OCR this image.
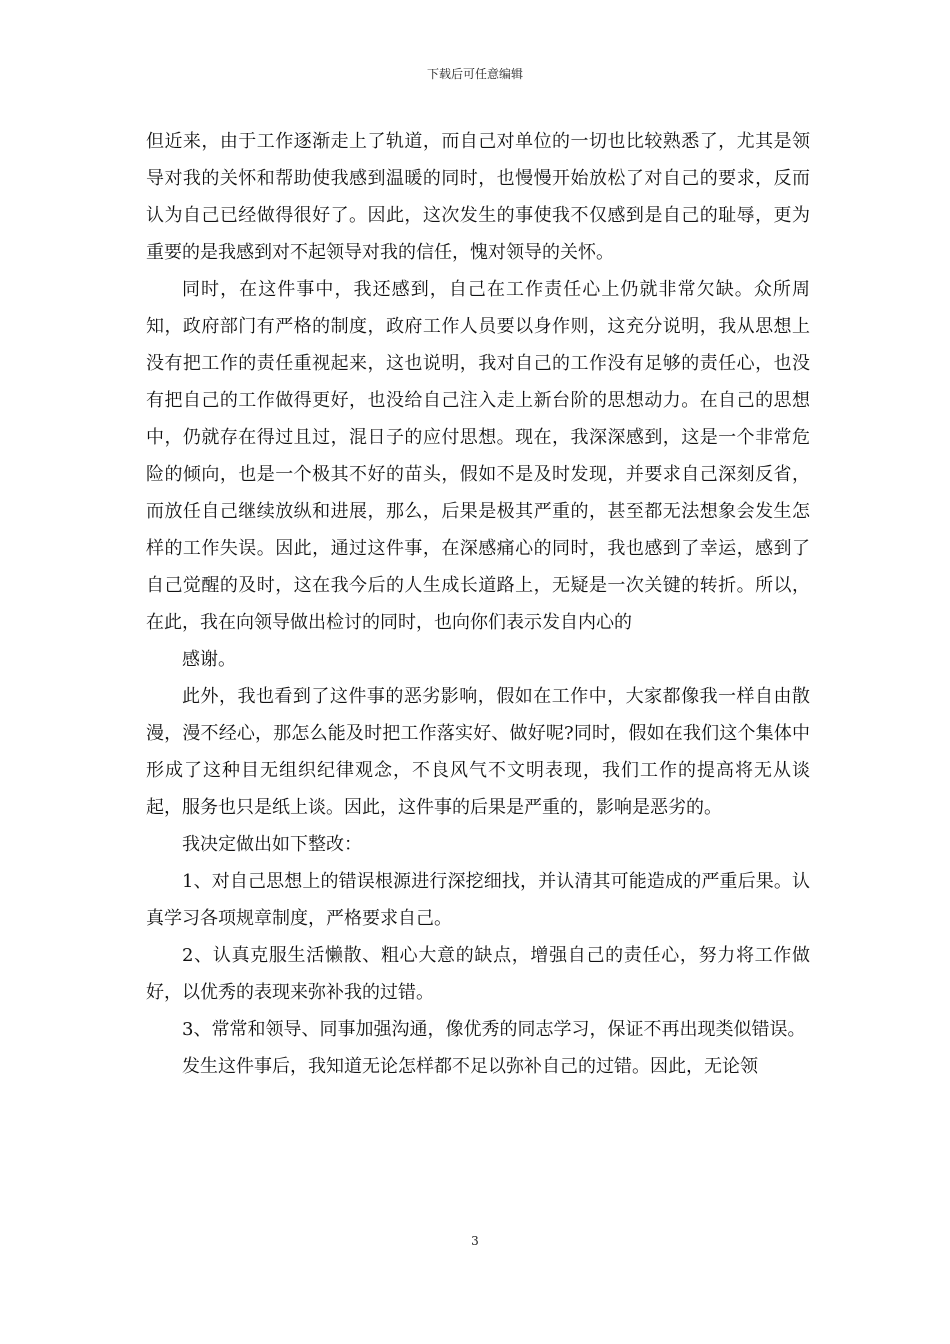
下载后可任意编辑

但近来，由于工作逐渐走上了轨道，而自己对单位的一切也比较熟悉了，尤其是领导对我的关怀和帮助使我感到温暖的同时，也慢慢开始放松了对自己的要求，反而认为自己已经做得很好了。因此，这次发生的事使我不仅感到是自己的耻辱，更为重要的是我感到对不起领导对我的信任，愧对领导的关怀。

同时，在这件事中，我还感到，自己在工作责任心上仍就非常欠缺。众所周知，政府部门有严格的制度，政府工作人员要以身作则，这充分说明，我从思想上没有把工作的责任重视起来，这也说明，我对自己的工作没有足够的责任心，也没有把自己的工作做得更好，也没给自己注入走上新台阶的思想动力。在自己的思想中，仍就存在得过且过，混日子的应付思想。现在，我深深感到，这是一个非常危险的倾向，也是一个极其不好的苗头，假如不是及时发现，并要求自己深刻反省，而放任自己继续放纵和进展，那么，后果是极其严重的，甚至都无法想象会发生怎样的工作失误。因此，通过这件事，在深感痛心的同时，我也感到了幸运，感到了自己觉醒的及时，这在我今后的人生成长道路上，无疑是一次关键的转折。所以，在此，我在向领导做出检讨的同时，也向你们表示发自内心的

感谢。

此外，我也看到了这件事的恶劣影响，假如在工作中，大家都像我一样自由散漫，漫不经心，那怎么能及时把工作落实好、做好呢?同时，假如在我们这个集体中形成了这种目无组织纪律观念，不良风气不文明表现，我们工作的提高将无从谈起，服务也只是纸上谈。因此，这件事的后果是严重的，影响是恶劣的。

我决定做出如下整改：

1、对自己思想上的错误根源进行深挖细找，并认清其可能造成的严重后果。认真学习各项规章制度，严格要求自己。

2、认真克服生活懒散、粗心大意的缺点，增强自己的责任心，努力将工作做好，以优秀的表现来弥补我的过错。

3、常常和领导、同事加强沟通，像优秀的同志学习，保证不再出现类似错误。

发生这件事后，我知道无论怎样都不足以弥补自己的过错。因此，无论领

3
